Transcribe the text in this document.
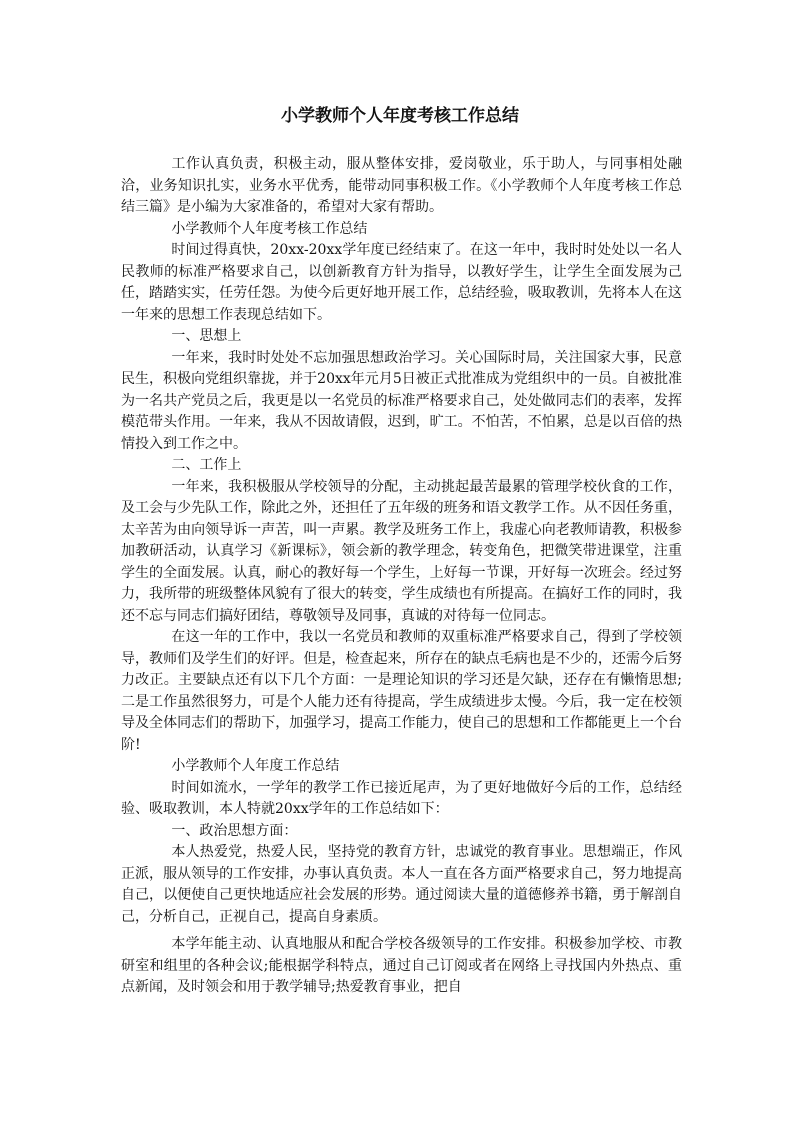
小学教师个人年度考核工作总结

工作认真负责，积极主动，服从整体安排，爱岗敬业，乐于助人，与同事相处融洽，业务知识扎实，业务水平优秀，能带动同事积极工作。《小学教师个人年度考核工作总结三篇》是小编为大家准备的，希望对大家有帮助。

小学教师个人年度考核工作总结

时间过得真快，20xx-20xx学年度已经结束了。在这一年中，我时时处处以一名人民教师的标准严格要求自己，以创新教育方针为指导，以教好学生，让学生全面发展为己任，踏踏实实，任劳任怨。为使今后更好地开展工作，总结经验，吸取教训，先将本人在这一年来的思想工作表现总结如下。

一、思想上

一年来，我时时处处不忘加强思想政治学习。关心国际时局，关注国家大事，民意民生，积极向党组织靠拢，并于20xx年元月5日被正式批准成为党组织中的一员。自被批准为一名共产党员之后，我更是以一名党员的标准严格要求自己，处处做同志们的表率，发挥模范带头作用。一年来，我从不因故请假，迟到，旷工。不怕苦，不怕累，总是以百倍的热情投入到工作之中。

二、工作上

一年来，我积极服从学校领导的分配，主动挑起最苦最累的管理学校伙食的工作，及工会与少先队工作，除此之外，还担任了五年级的班务和语文教学工作。从不因任务重，太辛苦为由向领导诉一声苦，叫一声累。教学及班务工作上，我虚心向老教师请教，积极参加教研活动，认真学习《新课标》，领会新的教学理念，转变角色，把微笑带进课堂，注重学生的全面发展。认真，耐心的教好每一个学生，上好每一节课，开好每一次班会。经过努力，我所带的班级整体风貌有了很大的转变，学生成绩也有所提高。在搞好工作的同时，我还不忘与同志们搞好团结，尊敬领导及同事，真诚的对待每一位同志。

在这一年的工作中，我以一名党员和教师的双重标准严格要求自己，得到了学校领导，教师们及学生们的好评。但是，检查起来，所存在的缺点毛病也是不少的，还需今后努力改正。主要缺点还有以下几个方面：一是理论知识的学习还是欠缺，还存在有懒惰思想;二是工作虽然很努力，可是个人能力还有待提高，学生成绩进步太慢。今后，我一定在校领导及全体同志们的帮助下，加强学习，提高工作能力，使自己的思想和工作都能更上一个台阶!

小学教师个人年度工作总结

时间如流水，一学年的教学工作已接近尾声，为了更好地做好今后的工作，总结经验、吸取教训，本人特就20xx学年的工作总结如下：

一、政治思想方面：

本人热爱党，热爱人民，坚持党的教育方针，忠诚党的教育事业。思想端正，作风正派，服从领导的工作安排，办事认真负责。本人一直在各方面严格要求自己，努力地提高自己，以便使自己更快地适应社会发展的形势。通过阅读大量的道德修养书籍，勇于解剖自己，分析自己，正视自己，提高自身素质。

本学年能主动、认真地服从和配合学校各级领导的工作安排。积极参加学校、市教研室和组里的各种会议;能根据学科特点，通过自己订阅或者在网络上寻找国内外热点、重点新闻，及时领会和用于教学辅导;热爱教育事业，把自
